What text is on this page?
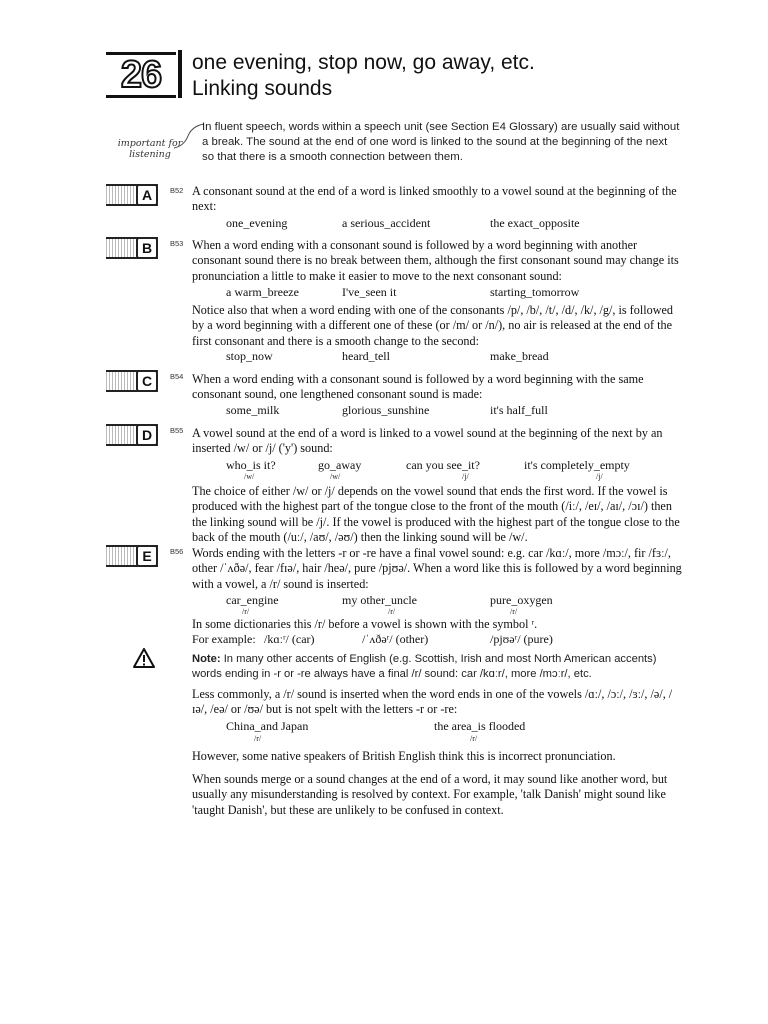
26	one evening, stop now, go away, etc.
Linking sounds
important for listening
In fluent speech, words within a speech unit (see Section E4 Glossary) are usually said without a break. The sound at the end of one word is linked to the sound at the beginning of the next so that there is a smooth connection between them.
A	B52 A consonant sound at the end of a word is linked smoothly to a vowel sound at the beginning of the next:
one_evening	a serious_accident	the exact_opposite
B	B53 When a word ending with a consonant sound is followed by a word beginning with another consonant sound there is no break between them, although the first consonant sound may change its pronunciation a little to make it easier to move to the next consonant sound:
a warm_breeze	I've_seen it	starting_tomorrow
Notice also that when a word ending with one of the consonants /p/, /b/, /t/, /d/, /k/, /g/, is followed by a word beginning with a different one of these (or /m/ or /n/), no air is released at the end of the first consonant and there is a smooth change to the second:
stop_now	heard_tell	make_bread
C	B54 When a word ending with a consonant sound is followed by a word beginning with the same consonant sound, one lengthened consonant sound is made:
some_milk	glorious_sunshine	it's half_full
D	B55 A vowel sound at the end of a word is linked to a vowel sound at the beginning of the next by an inserted /w/ or /j/ ('y') sound:
who_is it?	go_away	can you see_it?	it's completely_empty
/w/	/w/	/j/	/j/
The choice of either /w/ or /j/ depends on the vowel sound that ends the first word. If the vowel is produced with the highest part of the tongue close to the front of the mouth (/iː/, /eɪ/, /aɪ/, /ɔɪ/) then the linking sound will be /j/. If the vowel is produced with the highest part of the tongue close to the back of the mouth (/uː/, /aʊ/, /əʊ/) then the linking sound will be /w/.
E	B56 Words ending with the letters -r or -re have a final vowel sound: e.g. car /kɑː/, more /mɔː/, fir /fɜː/, other /ˈʌðə/, fear /fɪə/, hair /heə/, pure /pjʊə/. When a word like this is followed by a word beginning with a vowel, a /r/ sound is inserted:
car_engine	my other_uncle	pure_oxygen
/r/	/r/	/r/
In some dictionaries this /r/ before a vowel is shown with the symbol ʳ.
For example: /kɑːʳ/ (car)	/ˈʌðəʳ/ (other)	/pjʊəʳ/ (pure)
Note: In many other accents of English (e.g. Scottish, Irish and most North American accents) words ending in -r or -re always have a final /r/ sound: car /kɑːr/, more /mɔːr/, etc.
Less commonly, a /r/ sound is inserted when the word ends in one of the vowels /ɑː/, /ɔː/, /ɜː/, /ə/, /ɪə/, /eə/ or /ʊə/ but is not spelt with the letters -r or -re:
China_and Japan	the area_is flooded
/r/	/r/
However, some native speakers of British English think this is incorrect pronunciation.
When sounds merge or a sound changes at the end of a word, it may sound like another word, but usually any misunderstanding is resolved by context. For example, 'talk Danish' might sound like 'taught Danish', but these are unlikely to be confused in context.
